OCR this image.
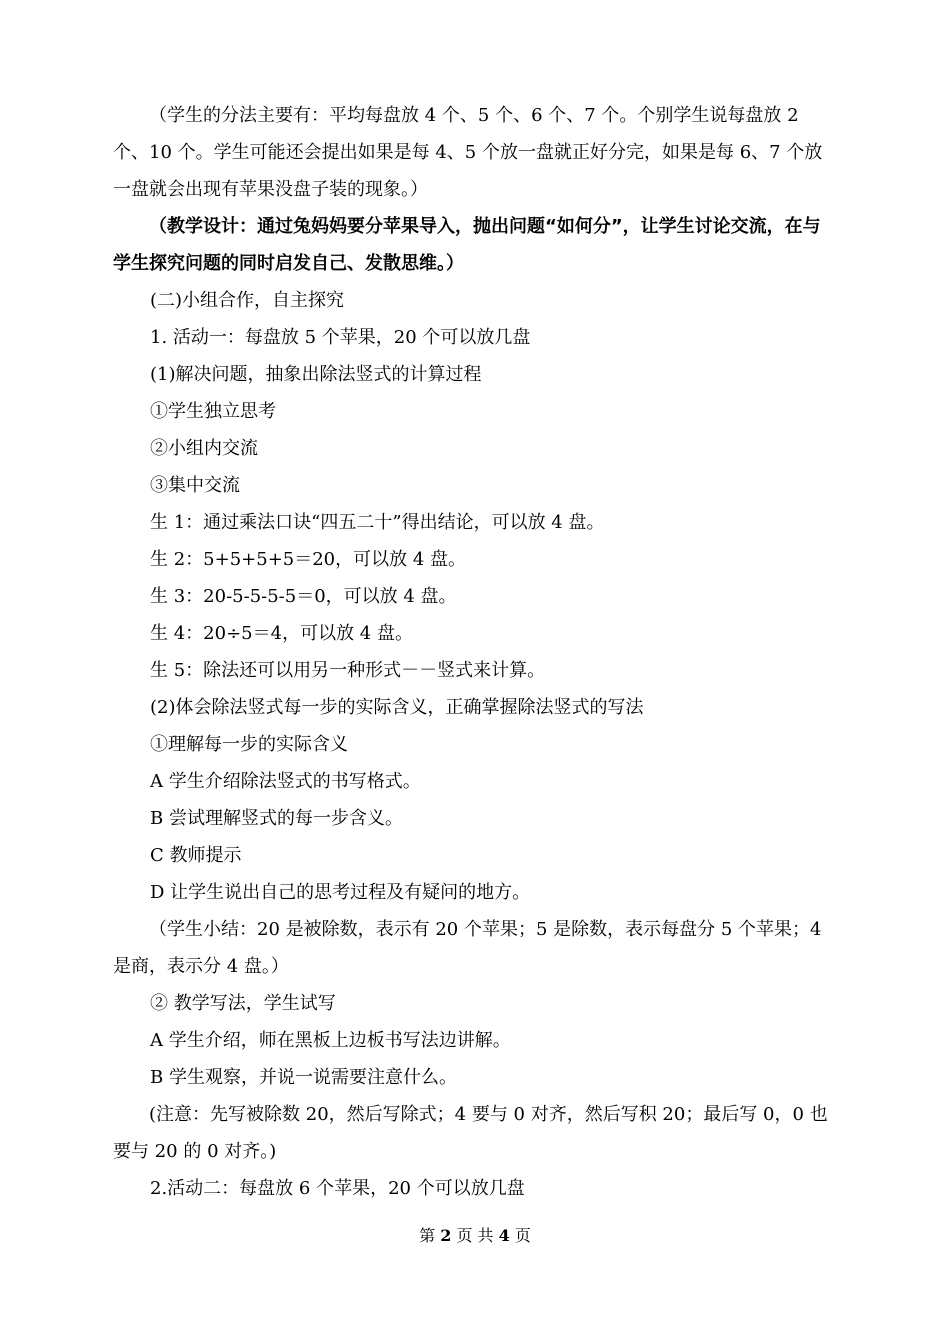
（学生的分法主要有：平均每盘放 4 个、5 个、6 个、7 个。个别学生说每盘放 2 个、10 个。学生可能还会提出如果是每 4、5 个放一盘就正好分完，如果是每 6、7 个放一盘就会出现有苹果没盘子装的现象。）

（教学设计：通过兔妈妈要分苹果导入，抛出问题“如何分”，让学生讨论交流，在与学生探究问题的同时启发自己、发散思维。）

(二)小组合作，自主探究

1. 活动一：每盘放 5 个苹果，20 个可以放几盘

(1)解决问题，抽象出除法竖式的计算过程

①学生独立思考

②小组内交流

③集中交流

生 1：通过乘法口诀“四五二十”得出结论，可以放 4 盘。

生 2：5+5+5+5＝20，可以放 4 盘。

生 3：20-5-5-5-5＝0，可以放 4 盘。

生 4：20÷5＝4，可以放 4 盘。

生 5：除法还可以用另一种形式－－竖式来计算。

(2)体会除法竖式每一步的实际含义，正确掌握除法竖式的写法

①理解每一步的实际含义

A 学生介绍除法竖式的书写格式。

B 尝试理解竖式的每一步含义。

C 教师提示

D 让学生说出自己的思考过程及有疑问的地方。

（学生小结：20 是被除数，表示有 20 个苹果；5 是除数，表示每盘分 5 个苹果；4 是商，表示分 4 盘。）

② 教学写法，学生试写

A 学生介绍，师在黑板上边板书写法边讲解。

B 学生观察，并说一说需要注意什么。

(注意：先写被除数 20，然后写除式；4 要与 0 对齐，然后写积 20；最后写 0，0 也要与 20 的 0 对齐。)

2.活动二：每盘放 6 个苹果，20 个可以放几盘

第 2 页 共 4 页
